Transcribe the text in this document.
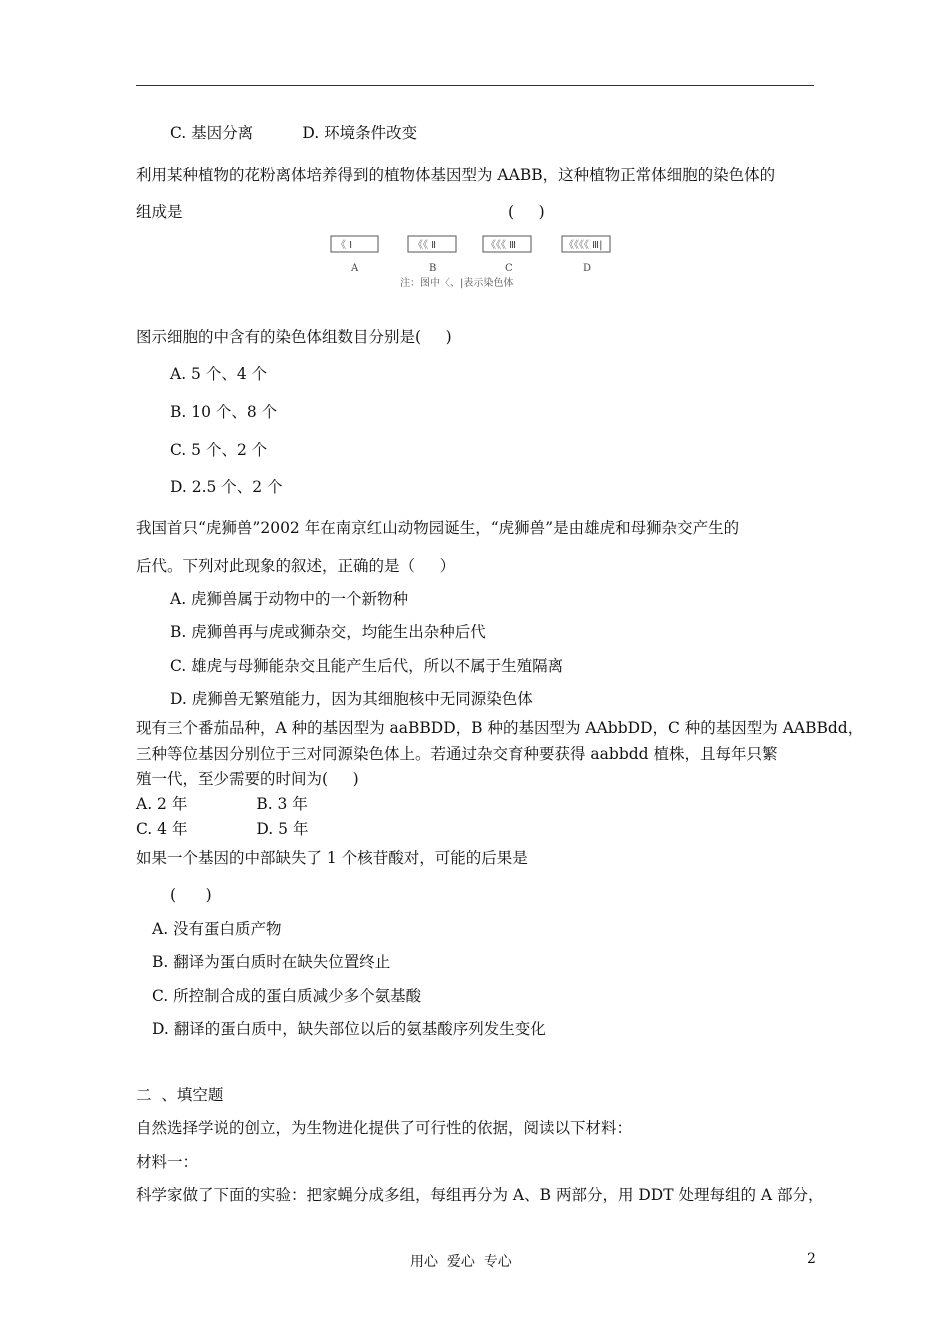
C. 基因分离          D. 环境条件改变
利用某种植物的花粉离体培养得到的植物体基因型为 AABB，这种植物正常体细胞的染色体的
组成是	(     )
《 Ⅰ	《《 Ⅱ	《《《 Ⅲ	《《《《 Ⅲ|
A	B	C	D
注：图中〈、|表示染色体
图示细胞的中含有的染色体组数目分别是(     )
A. 5 个、4 个
B. 10 个、8 个
C. 5 个、2 个
D. 2.5 个、2 个
我国首只“虎狮兽”2002 年在南京红山动物园诞生，“虎狮兽”是由雄虎和母狮杂交产生的
后代。下列对此现象的叙述，正确的是（     ）
A. 虎狮兽属于动物中的一个新物种
B. 虎狮兽再与虎或狮杂交，均能生出杂种后代
C. 雄虎与母狮能杂交且能产生后代，所以不属于生殖隔离
D. 虎狮兽无繁殖能力，因为其细胞核中无同源染色体
现有三个番茄品种，A 种的基因型为 aaBBDD，B 种的基因型为 AAbbDD，C 种的基因型为 AABBdd，
三种等位基因分别位于三对同源染色体上。若通过杂交育种要获得 aabbdd 植株，且每年只繁
殖一代，至少需要的时间为(     )
A. 2 年              B. 3 年
C. 4 年              D. 5 年
如果一个基因的中部缺失了 1 个核苷酸对，可能的后果是
(      )
A. 没有蛋白质产物
B. 翻译为蛋白质时在缺失位置终止
C. 所控制合成的蛋白质减少多个氨基酸
D. 翻译的蛋白质中，缺失部位以后的氨基酸序列发生变化
二  、填空题
自然选择学说的创立，为生物进化提供了可行性的依据，阅读以下材料：
材料一：
科学家做了下面的实验：把家蝇分成多组，每组再分为 A、B 两部分，用 DDT 处理每组的 A 部分，
用心  爱心  专心	2
